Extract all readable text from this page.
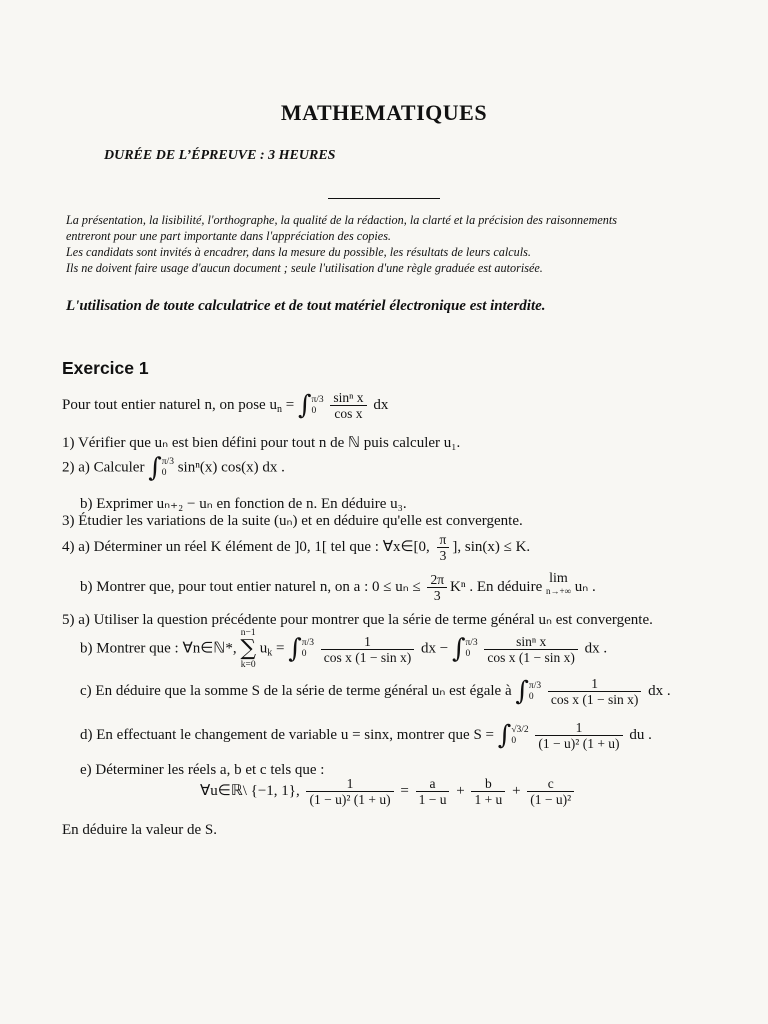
MATHEMATIQUES
DURÉE DE L’ÉPREUVE : 3 HEURES
La présentation, la lisibilité, l'orthographe, la qualité de la rédaction, la clarté et la précision des raisonnements
entreront pour une part importante dans l'appréciation des copies.
Les candidats sont invités à encadrer, dans la mesure du possible, les résultats de leurs calculs.
Ils ne doivent faire usage d'aucun document ; seule l'utilisation d'une règle graduée est autorisée.
L'utilisation de toute calculatrice et de tout matériel électronique est interdite.
Exercice 1
Pour tout entier naturel n, on pose $u_n = \int\pi/3$
$0 \frac{\text{sinⁿ x}}{\text{cos x}}$ dx
1) Vérifier que uₙ est bien défini pour tout n de ℕ puis calculer u₁.
2) a) Calculer ∫π/3
0 sinⁿ(x) cos(x) dx .
b) Exprimer uₙ₊₂ − uₙ en fonction de n. En déduire u₃.
3) Étudier les variations de la suite (uₙ) et en déduire qu'elle est convergente.
4) a) Déterminer un réel K élément de ]0, 1[ tel que : ∀x∈[0, $\frac{\pi}{3}$ ], sin(x) ≤ K.
b) Montrer que, pour tout entier naturel n, on a : $0 \le u_n \le \frac{2\pi}{3}$ Kⁿ . En déduire lim
n→+∞ uₙ .
5) a) Utiliser la question précédente pour montrer que la série de terme général uₙ est convergente.
b) Montrer que : ∀n∈ℕ*, n−1
∑
k=0 $u_k = \int\pi/3$
$0 \frac{1}{\text{cos x (1 − sin x)}}$ dx − ∫π/3
$0 \frac{\text{sinⁿ x}}{\text{cos x (1 − sin x)}}$ dx .
c) En déduire que la somme S de la série de terme général uₙ est égale à ∫π/3
$0 \frac{1}{\text{cos x (1 − sin x)}}$ dx .
d) En effectuant le changement de variable u = sinx, montrer que S = ∫√3/2
$0 \frac{1}{\text{(1 − u)² (1 + u)}}$ du .
e) Déterminer les réels a, b et c tels que :
∀u∈ℝ\ {−1, 1}, $\frac{1}{\text{(1 − u)² (1 + u)}} = \frac{a}{1 - u} + \frac{b}{1 + u} + \frac{c}{\text{(1 − u)²}}$
En déduire la valeur de S.
